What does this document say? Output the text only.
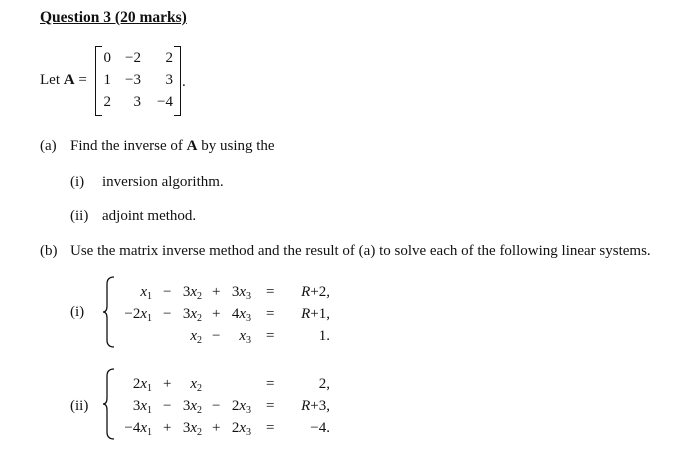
Question 3 (20 marks)
Let A =
0 −2	2
1 −3	3
2	3	−4
.
(a) Find the inverse of A by using the
(i) inversion algorithm.
(ii) adjoint method.
(b) Use the matrix inverse method and the result of (a) to solve each of the following linear systems.
(i)
$x_1 - 3x_2 + 3x_3 = R+2$,
$-2x_1 - 3x_2 + 4x_3 = R+1$,
$x_2 - x_3$ =	1.
(ii)
$2x_1 + x_2$	=	2,
$3x_1 - 3x_2 - 2x_3 = R+3$,
$-4x_1 + 3x_2 + 2x_3 = -4$.
